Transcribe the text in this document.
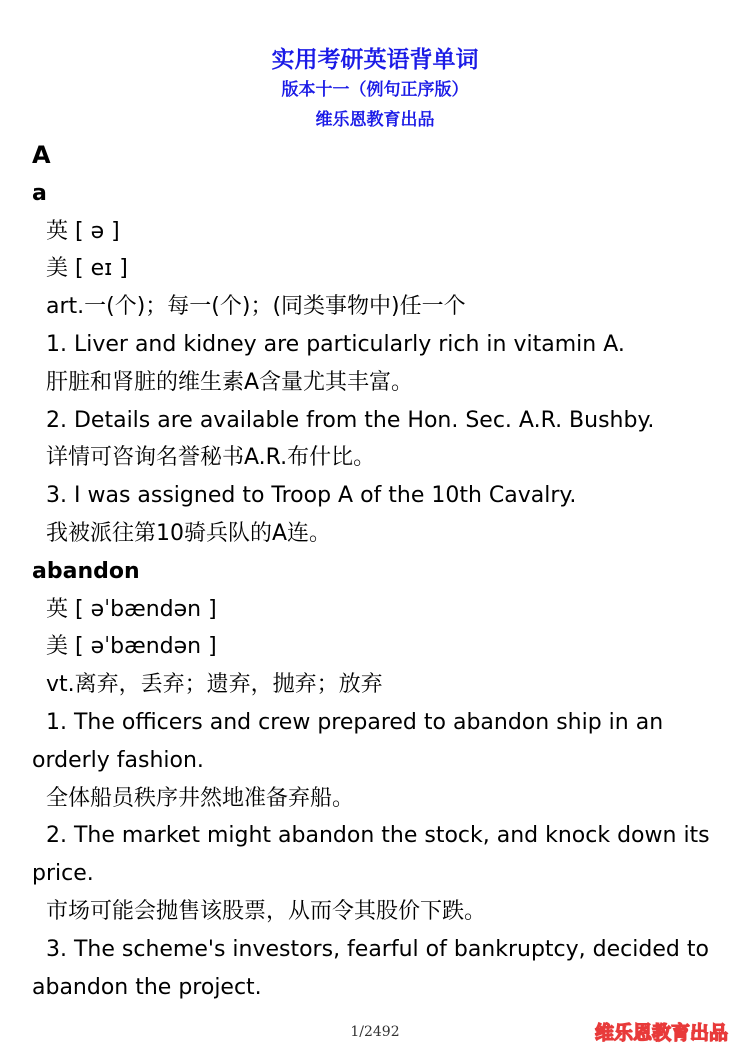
实用考研英语背单词
版本十一（例句正序版）
维乐恩教育出品
A
a
英 [ ə ]
美 [ eɪ ]
art.一(个)；每一(个)；(同类事物中)任一个
1. Liver and kidney are particularly rich in vitamin A.
肝脏和肾脏的维生素A含量尤其丰富。
2. Details are available from the Hon. Sec. A.R. Bushby.
详情可咨询名誉秘书A.R.布什比。
3. I was assigned to Troop A of the 10th Cavalry.
我被派往第10骑兵队的A连。
abandon
英 [ əˈbændən ]
美 [ əˈbændən ]
vt.离弃，丢弃；遗弃，抛弃；放弃
1. The officers and crew prepared to abandon ship in an
orderly fashion.
全体船员秩序井然地准备弃船。
2. The market might abandon the stock, and knock down its
price.
市场可能会抛售该股票，从而令其股价下跌。
3. The scheme's investors, fearful of bankruptcy, decided to
abandon the project.
1/2492	维乐恩教育出品
